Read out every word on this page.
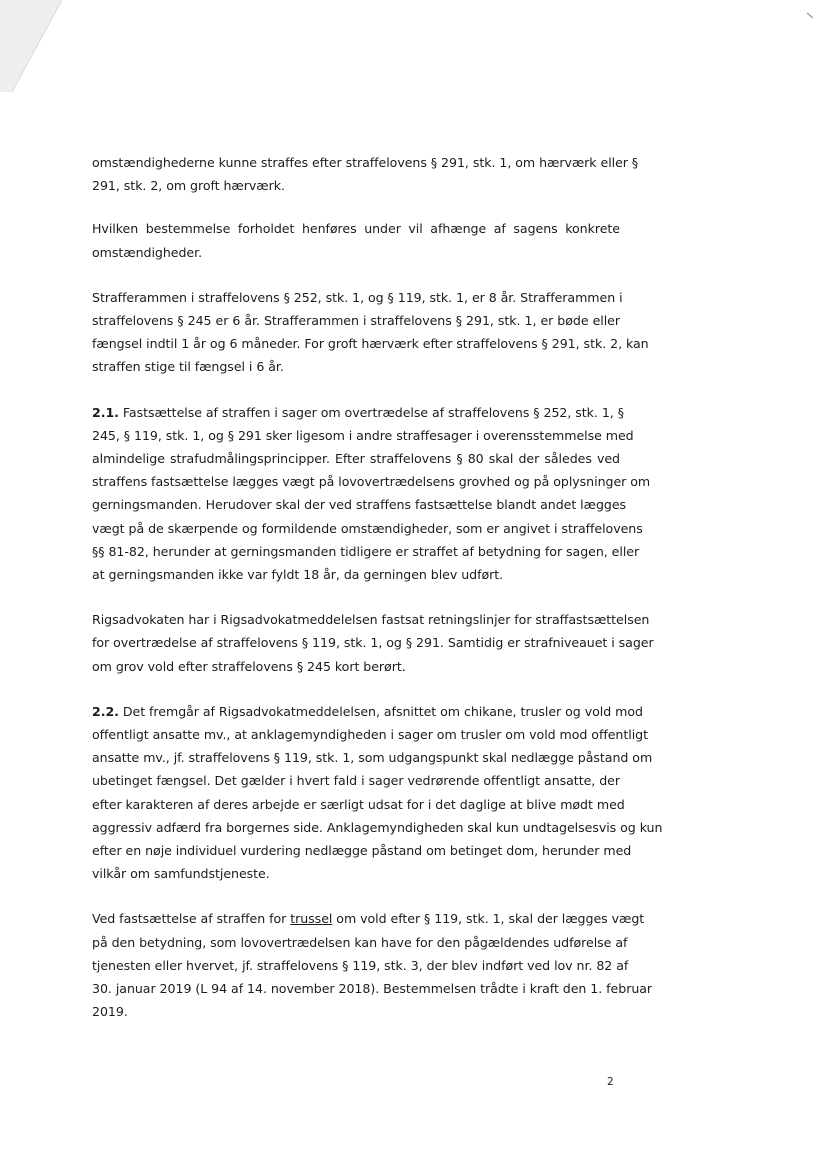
omstændighederne kunne straffes efter straffelovens § 291, stk. 1, om hærværk eller §
291, stk. 2, om groft hærværk.

Hvilken bestemmelse forholdet henføres under vil afhænge af sagens konkrete
omstændigheder.

Strafferammen i straffelovens § 252, stk. 1, og § 119, stk. 1, er 8 år. Strafferammen i
straffelovens § 245 er 6 år. Strafferammen i straffelovens § 291, stk. 1, er bøde eller
fængsel indtil 1 år og 6 måneder. For groft hærværk efter straffelovens § 291, stk. 2, kan
straffen stige til fængsel i 6 år.

2.1. Fastsættelse af straffen i sager om overtrædelse af straffelovens § 252, stk. 1, §
245, § 119, stk. 1, og § 291 sker ligesom i andre straffesager i overensstemmelse med
almindelige strafudmålingsprincipper. Efter straffelovens § 80 skal der således ved
straffens fastsættelse lægges vægt på lovovertrædelsens grovhed og på oplysninger om
gerningsmanden. Herudover skal der ved straffens fastsættelse blandt andet lægges
vægt på de skærpende og formildende omstændigheder, som er angivet i straffelovens
§§ 81-82, herunder at gerningsmanden tidligere er straffet af betydning for sagen, eller
at gerningsmanden ikke var fyldt 18 år, da gerningen blev udført.

Rigsadvokaten har i Rigsadvokatmeddelelsen fastsat retningslinjer for straffastsættelsen
for overtrædelse af straffelovens § 119, stk. 1, og § 291. Samtidig er strafniveauet i sager
om grov vold efter straffelovens § 245 kort berørt.

2.2. Det fremgår af Rigsadvokatmeddelelsen, afsnittet om chikane, trusler og vold mod
offentligt ansatte mv., at anklagemyndigheden i sager om trusler om vold mod offentligt
ansatte mv., jf. straffelovens § 119, stk. 1, som udgangspunkt skal nedlægge påstand om
ubetinget fængsel. Det gælder i hvert fald i sager vedrørende offentligt ansatte, der
efter karakteren af deres arbejde er særligt udsat for i det daglige at blive mødt med
aggressiv adfærd fra borgernes side. Anklagemyndigheden skal kun undtagelsesvis og kun
efter en nøje individuel vurdering nedlægge påstand om betinget dom, herunder med
vilkår om samfundstjeneste.

Ved fastsættelse af straffen for trussel om vold efter § 119, stk. 1, skal der lægges vægt
på den betydning, som lovovertrædelsen kan have for den pågældendes udførelse af
tjenesten eller hvervet, jf. straffelovens § 119, stk. 3, der blev indført ved lov nr. 82 af
30. januar 2019 (L 94 af 14. november 2018). Bestemmelsen trådte i kraft den 1. februar
2019.

2
